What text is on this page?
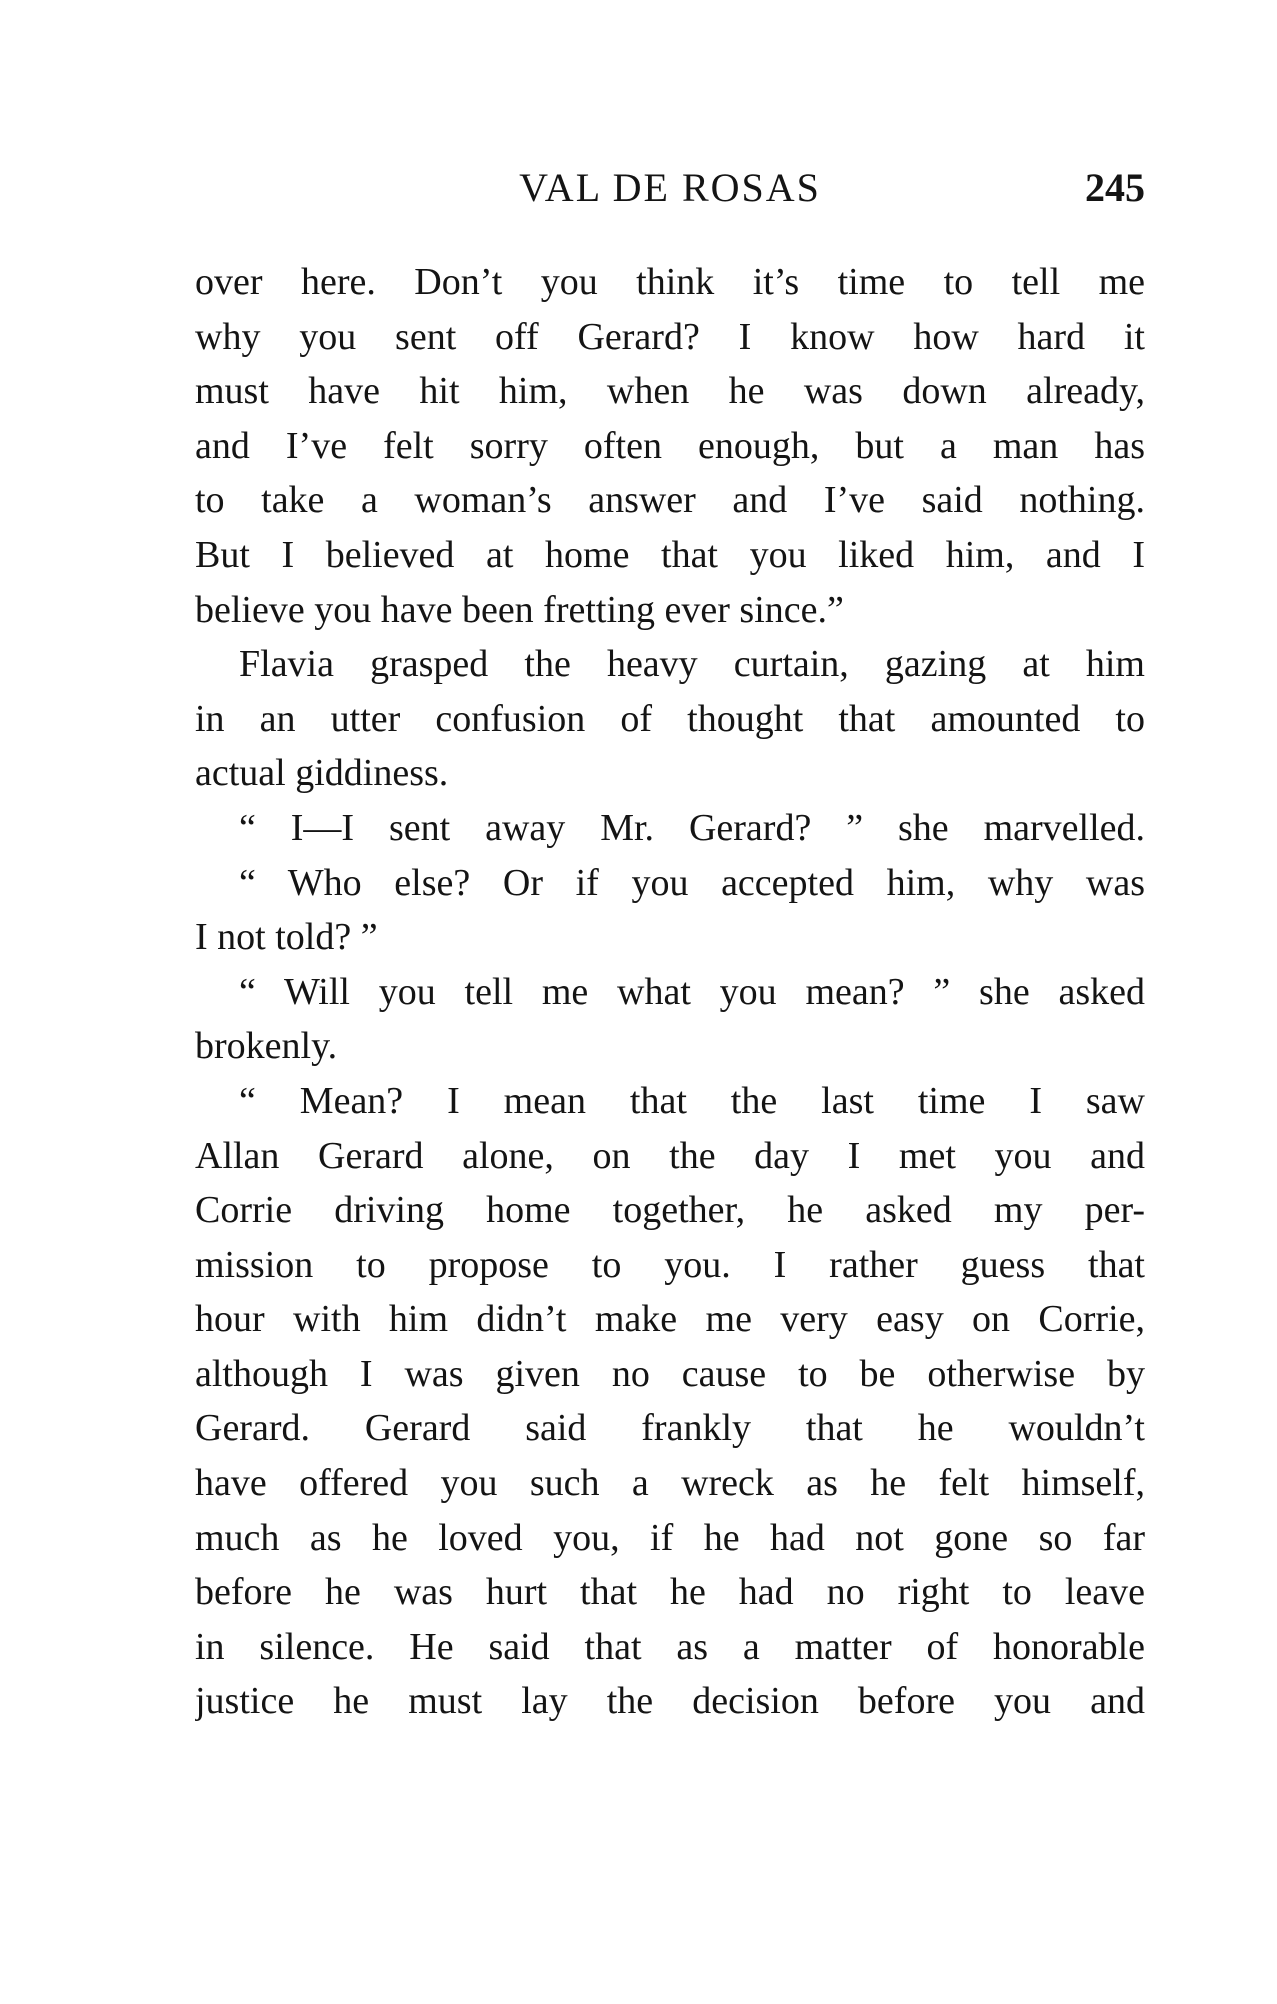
VAL DE ROSAS	245
over here. Don’t you think it’s time to tell me
why you sent off Gerard? I know how hard it
must have hit him, when he was down already,
and I’ve felt sorry often enough, but a man has
to take a woman’s answer and I’ve said nothing.
But I believed at home that you liked him, and I
believe you have been fretting ever since.”
Flavia grasped the heavy curtain, gazing at him
in an utter confusion of thought that amounted to
actual giddiness.
“ I—I sent away Mr. Gerard? ” she marvelled.
“ Who else? Or if you accepted him, why was
I not told? ”
“ Will you tell me what you mean? ” she asked
brokenly.
“ Mean? I mean that the last time I saw
Allan Gerard alone, on the day I met you and
Corrie driving home together, he asked my per-
mission to propose to you. I rather guess that
hour with him didn’t make me very easy on Corrie,
although I was given no cause to be otherwise by
Gerard. Gerard said frankly that he wouldn’t
have offered you such a wreck as he felt himself,
much as he loved you, if he had not gone so far
before he was hurt that he had no right to leave
in silence. He said that as a matter of honorable
justice he must lay the decision before you and
